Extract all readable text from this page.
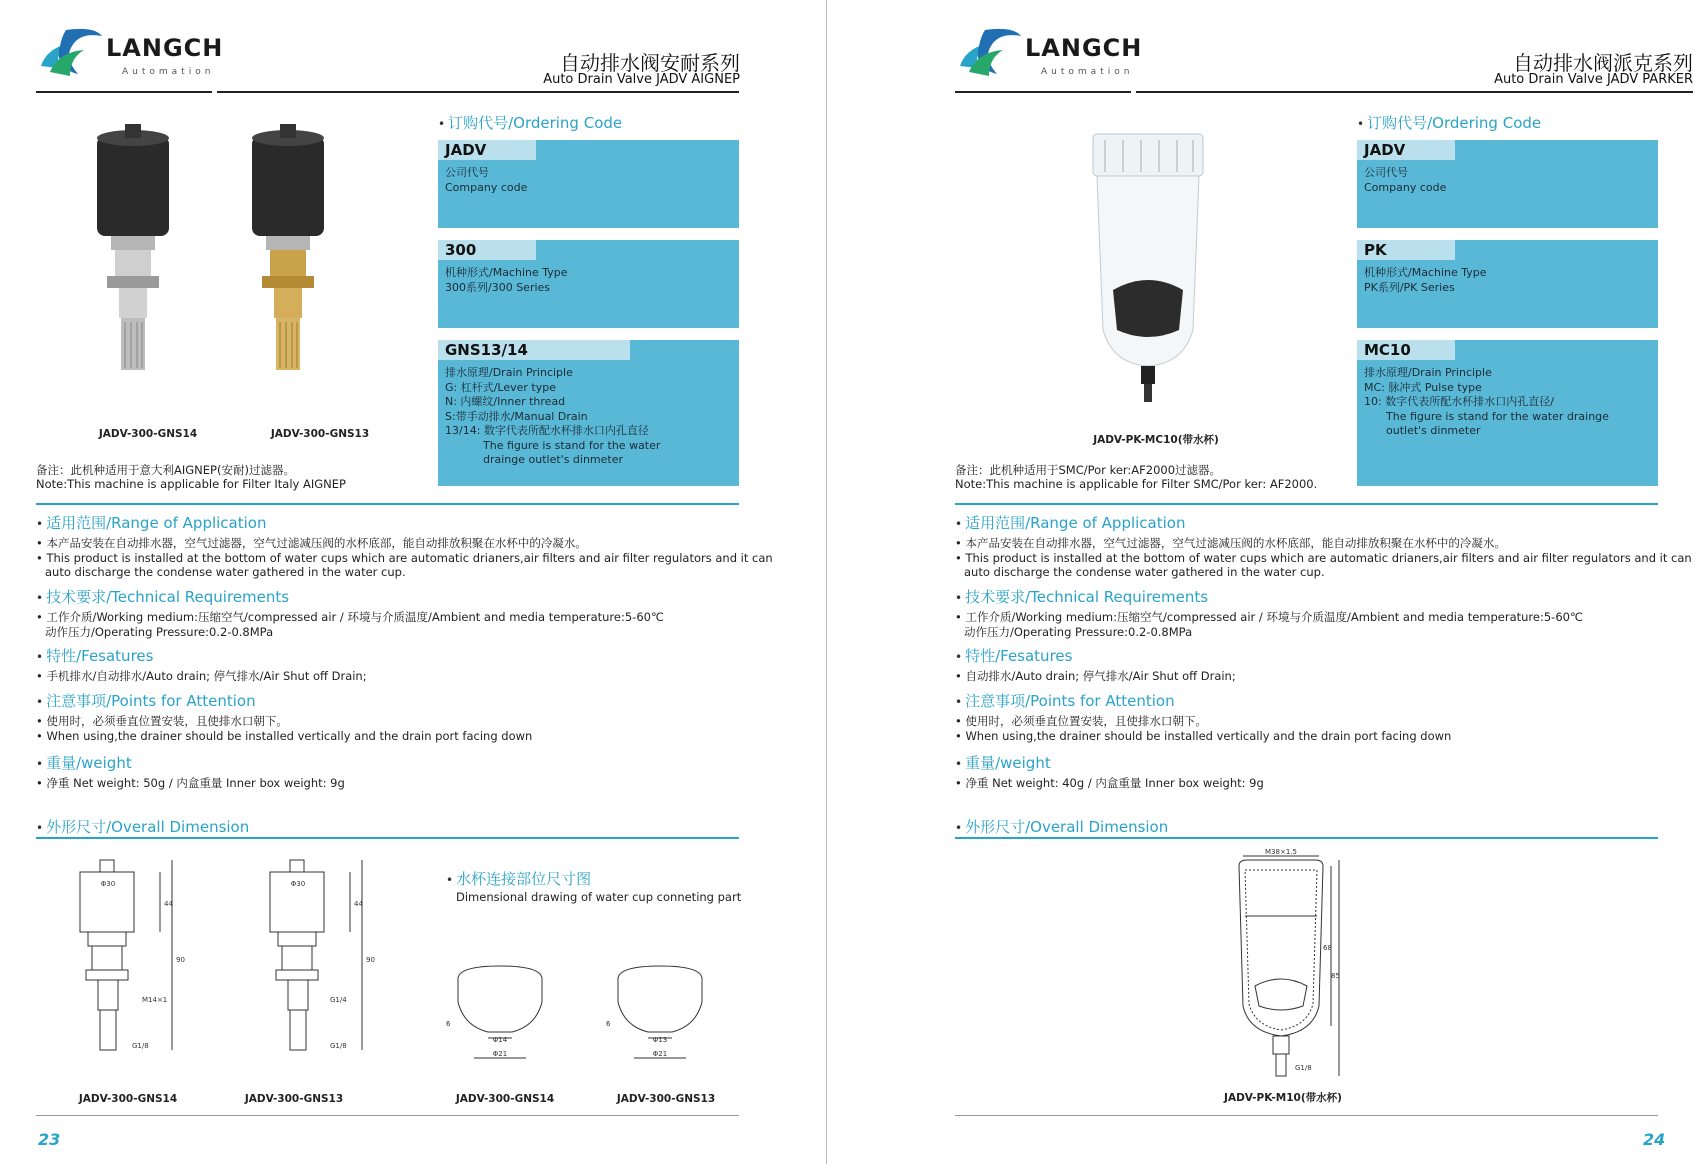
LANGCH
Automation	自动排水阀安耐系列
Auto Drain Valve JADV AIGNEP
JADV-300-GNS14	JADV-300-GNS13
• 订购代号/Ordering Code
JADV
公司代号
Company code
300
机种形式/Machine Type
300系列/300 Series
GNS13/14
排水原理/Drain Principle
G: 杠杆式/Lever type
N: 内螺纹/Inner thread
S:带手动排水/Manual Drain
13/14: 数字代表所配水杯排水口内孔直径
The figure is stand for the water
drainge outlet's dinmeter
备注：此机种适用于意大利AIGNEP(安耐)过滤器。
Note:This machine is applicable for Filter Italy AIGNEP
• 适用范围/Range of Application
• 本产品安装在自动排水器，空气过滤器，空气过滤减压阀的水杯底部，能自动排放积聚在水杯中的冷凝水。
• This product is installed at the bottom of water cups which are automatic drianers,air filters and air filter regulators and it can
auto discharge the condense water gathered in the water cup.
• 技术要求/Technical Requirements
• 工作介质/Working medium:压缩空气/compressed air / 环境与介质温度/Ambient and media temperature:5-60℃
动作压力/Operating Pressure:0.2-0.8MPa
• 特性/Fesatures
• 手机排水/自动排水/Auto drain; 停气排水/Air Shut off Drain;
• 注意事项/Points for Attention
• 使用时，必须垂直位置安装，且使排水口朝下。
• When using,the drainer should be installed vertically and the drain port facing down
• 重量/weight
• 净重 Net weight: 50g / 内盒重量 Inner box weight: 9g
• 外形尺寸/Overall Dimension
Φ30
44
90
M14×1
G1/8
Φ30
44
90
G1/4
G1/8
• 水杯连接部位尺寸图
Dimensional drawing of water cup conneting part
Φ14
Φ21
6
Φ13
Φ21
6
JADV-300-GNS14	JADV-300-GNS13	JADV-300-GNS14	JADV-300-GNS13
23
LANGCH
Automation	自动排水阀派克系列
Auto Drain Valve JADV PARKER
JADV-PK-MC10(带水杯)
• 订购代号/Ordering Code
JADV
公司代号
Company code
PK
机种形式/Machine Type
PK系列/PK Series
MC10
排水原理/Drain Principle
MC: 脉冲式 Pulse type
10: 数字代表所配水杯排水口内孔直径/
The figure is stand for the water drainge
outlet's dinmeter
备注：此机种适用于SMC/Por ker:AF2000过滤器。
Note:This machine is applicable for Filter SMC/Por ker: AF2000.
• 适用范围/Range of Application
• 本产品安装在自动排水器，空气过滤器，空气过滤减压阀的水杯底部，能自动排放积聚在水杯中的冷凝水。
• This product is installed at the bottom of water cups which are automatic drianers,air filters and air filter regulators and it can
auto discharge the condense water gathered in the water cup.
• 技术要求/Technical Requirements
• 工作介质/Working medium:压缩空气/compressed air / 环境与介质温度/Ambient and media temperature:5-60℃
动作压力/Operating Pressure:0.2-0.8MPa
• 特性/Fesatures
• 自动排水/Auto drain; 停气排水/Air Shut off Drain;
• 注意事项/Points for Attention
• 使用时，必须垂直位置安装，且使排水口朝下。
• When using,the drainer should be installed vertically and the drain port facing down
• 重量/weight
• 净重 Net weight: 40g / 内盒重量 Inner box weight: 9g
• 外形尺寸/Overall Dimension
M38×1.5
68
85
G1/8
JADV-PK-M10(带水杯)
24
